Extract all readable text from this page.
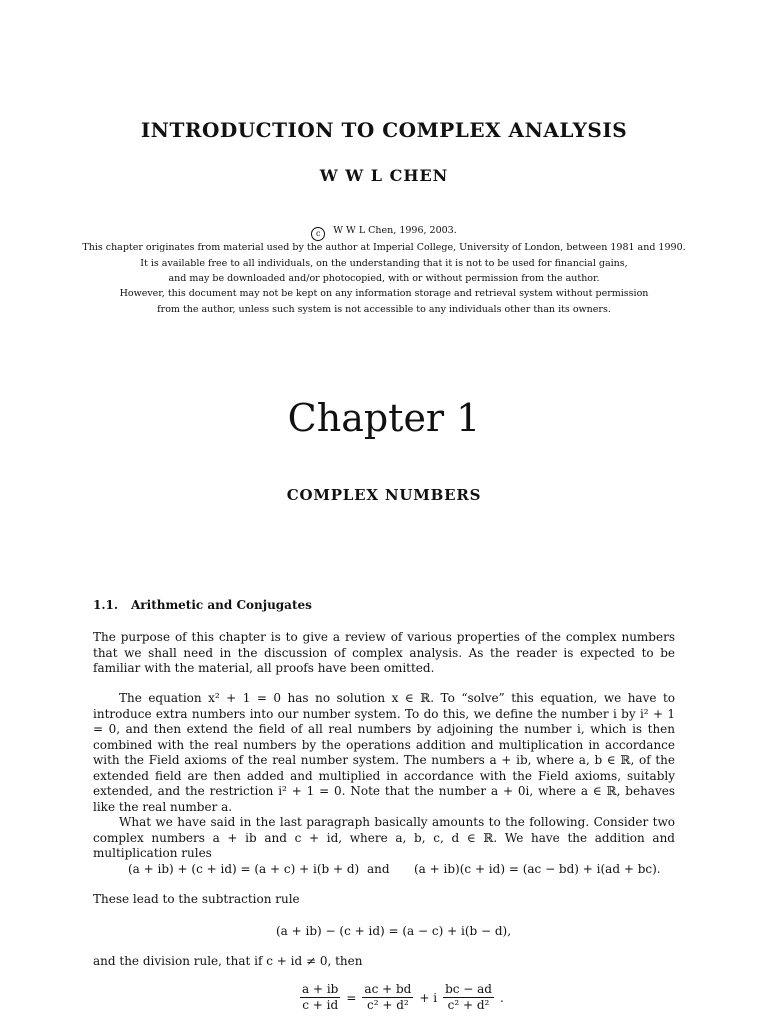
INTRODUCTION TO COMPLEX ANALYSIS
W W L CHEN
c W W L Chen, 1996, 2003.
This chapter originates from material used by the author at Imperial College, University of London, between 1981 and 1990.
It is available free to all individuals, on the understanding that it is not to be used for financial gains,
and may be downloaded and/or photocopied, with or without permission from the author.
However, this document may not be kept on any information storage and retrieval system without permission
from the author, unless such system is not accessible to any individuals other than its owners.
Chapter 1
COMPLEX NUMBERS
1.1. Arithmetic and Conjugates
The purpose of this chapter is to give a review of various properties of the complex numbers that we shall need in the discussion of complex analysis. As the reader is expected to be familiar with the material, all proofs have been omitted.
The equation x² + 1 = 0 has no solution x ∈ ℝ. To “solve” this equation, we have to introduce extra numbers into our number system. To do this, we define the number i by i² + 1 = 0, and then extend the field of all real numbers by adjoining the number i, which is then combined with the real numbers by the operations addition and multiplication in accordance with the Field axioms of the real number system. The numbers a + ib, where a, b ∈ ℝ, of the extended field are then added and multiplied in accordance with the Field axioms, suitably extended, and the restriction i² + 1 = 0. Note that the number a + 0i, where a ∈ ℝ, behaves like the real number a.
What we have said in the last paragraph basically amounts to the following. Consider two complex numbers a + ib and c + id, where a, b, c, d ∈ ℝ. We have the addition and multiplication rules
(a + ib) + (c + id) = (a + c) + i(b + d) and (a + ib)(c + id) = (ac − bd) + i(ad + bc).
These lead to the subtraction rule
(a + ib) − (c + id) = (a − c) + i(b − d),
and the division rule, that if c + id ≠ 0, then
$\frac{a + ib}{c + id} = \frac{ac + bd}{\text{c² + d²}} + i \frac{bc - ad}{\text{c² + d²}}$ .
